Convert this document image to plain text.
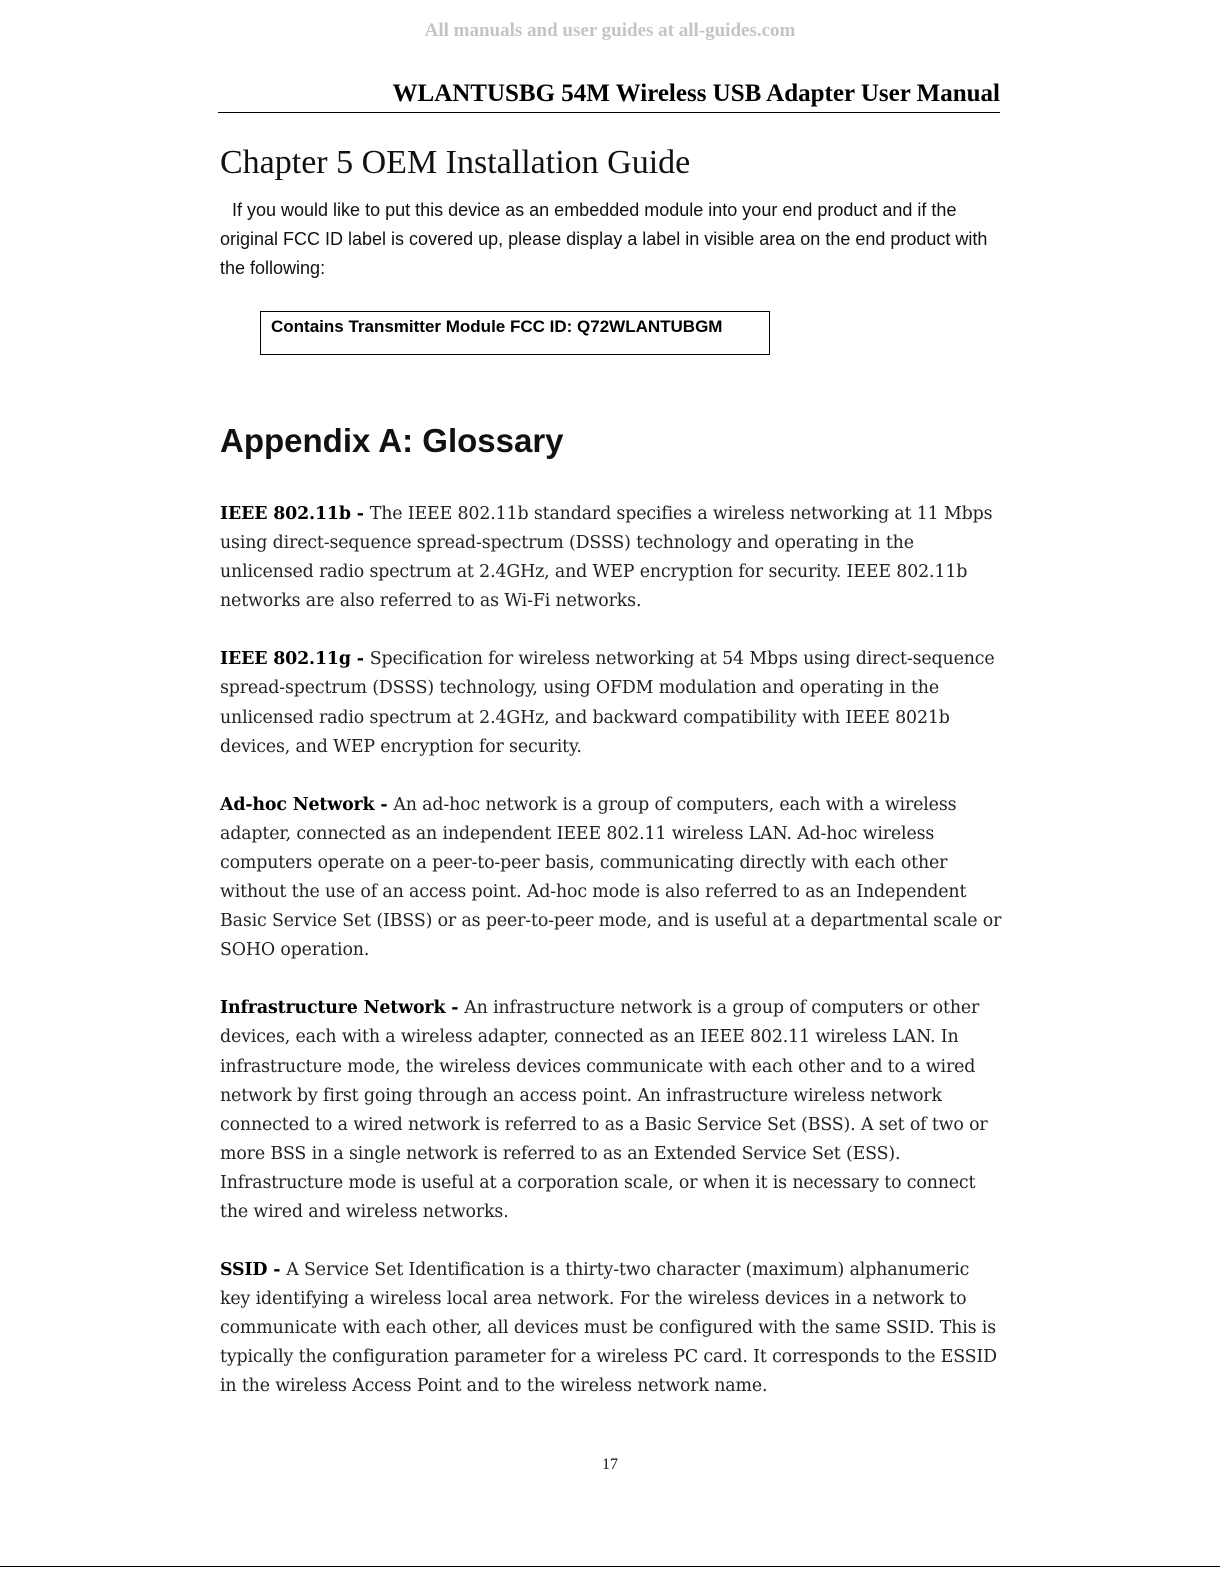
All manuals and user guides at all-guides.com
WLANTUSBG 54M Wireless USB Adapter User Manual
Chapter 5 OEM Installation Guide

If you would like to put this device as an embedded module into your end product and if the original FCC ID label is covered up, please display a label in visible area on the end product with the following:

Contains Transmitter Module FCC ID: Q72WLANTUBGM
Appendix A: Glossary

IEEE 802.11b - The IEEE 802.11b standard specifies a wireless networking at 11 Mbps using direct-sequence spread-spectrum (DSSS) technology and operating in the unlicensed radio spectrum at 2.4GHz, and WEP encryption for security. IEEE 802.11b networks are also referred to as Wi-Fi networks.

IEEE 802.11g - Specification for wireless networking at 54 Mbps using direct-sequence spread-spectrum (DSSS) technology, using OFDM modulation and operating in the unlicensed radio spectrum at 2.4GHz, and backward compatibility with IEEE 8021b devices, and WEP encryption for security.

Ad-hoc Network - An ad-hoc network is a group of computers, each with a wireless adapter, connected as an independent IEEE 802.11 wireless LAN. Ad-hoc wireless computers operate on a peer-to-peer basis, communicating directly with each other without the use of an access point. Ad-hoc mode is also referred to as an Independent Basic Service Set (IBSS) or as peer-to-peer mode, and is useful at a departmental scale or SOHO operation.

Infrastructure Network - An infrastructure network is a group of computers or other devices, each with a wireless adapter, connected as an IEEE 802.11 wireless LAN. In infrastructure mode, the wireless devices communicate with each other and to a wired network by first going through an access point. An infrastructure wireless network connected to a wired network is referred to as a Basic Service Set (BSS). A set of two or more BSS in a single network is referred to as an Extended Service Set (ESS). Infrastructure mode is useful at a corporation scale, or when it is necessary to connect the wired and wireless networks.

SSID - A Service Set Identification is a thirty-two character (maximum) alphanumeric key identifying a wireless local area network. For the wireless devices in a network to communicate with each other, all devices must be configured with the same SSID. This is typically the configuration parameter for a wireless PC card. It corresponds to the ESSID in the wireless Access Point and to the wireless network name.

17
